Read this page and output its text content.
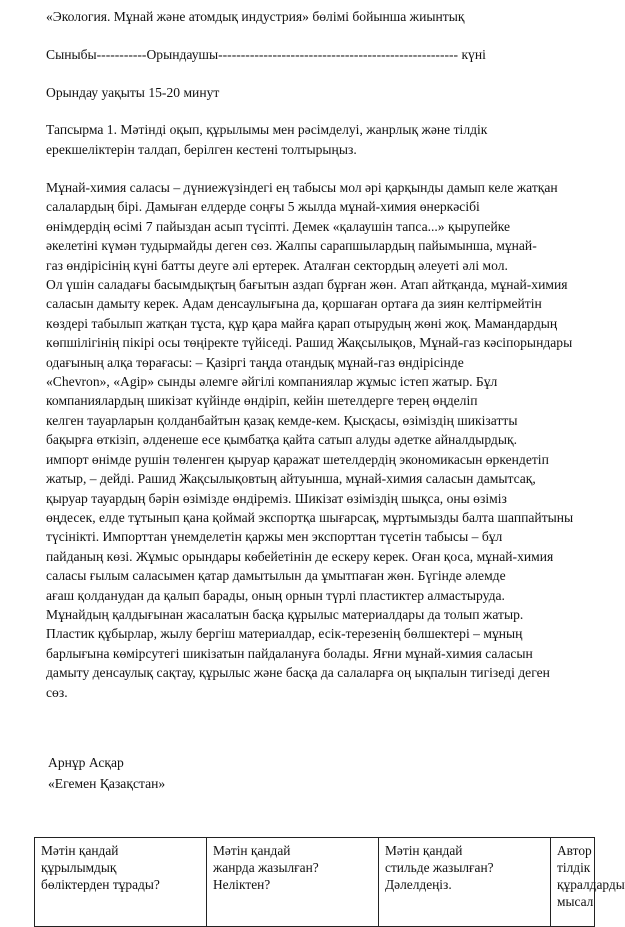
«Экология. Мұнай және атомдық индустрия» бөлімі бойынша жиынтық
Сыныбы-----------Орындаушы----------------------------------------------------- күні
Орындау уақыты 15-20 минут
Тапсырма 1. Мәтінді оқып, құрылымы мен рәсімделуі, жанрлық және тілдік
ерекшеліктерін талдап, берілген кестені толтырыңыз.
Мұнай-химия саласы – дүниежүзіндегі ең табысы мол әрі қарқынды дамып келе жатқан
салалардың бірі. Дамыған елдерде соңғы 5 жылда мұнай-химия өнеркәсібі
өнімдердің өсімі 7 пайыздан асып түсіпті. Демек «қалаушін тапса...» қырупейке
әкелетіні күмән тудырмайды деген сөз. Жалпы сарапшылардың пайымынша, мұнай-
газ өндірісінің күні батты деуге әлі ертерек. Аталған сектордың әлеуеті әлі мол.
Ол үшін саладағы басымдықтың бағытын аздап бұрған жөн. Атап айтқанда, мұнай-химия
саласын дамыту керек. Адам денсаулығына да, қоршаған ортаға да зиян келтірмейтін
көздері табылып жатқан тұста, құр қара майға қарап отырудың жөні жоқ. Мамандардың
көпшілігінің пікірі осы төңіректе түйіседі. Рашид Жақсылықов, Мұнай-газ кәсіпорындары
одағының алқа төрағасы: – Қазіргі таңда отандық мұнай-газ өндірісінде
«Chevron», «Agip» сынды әлемге әйгілі компаниялар жұмыс істеп жатыр. Бұл
компаниялардың шикізат күйінде өндіріп, кейін шетелдерге терең өңделіп
келген тауарларын қолданбайтын қазақ кемде-кем. Қысқасы, өзіміздің шикізатты
бақырға өткізіп, әлденеше есе қымбатқа қайта сатып алуды әдетке айналдырдық.
импорт өнімде рушін төленген қыруар қаражат шетелдердің экономикасын өркендетіп
жатыр, – дейді. Рашид Жақсылықовтың айтуынша, мұнай-химия саласын дамытсақ,
қыруар тауардың бәрін өзімізде өндіреміз. Шикізат өзіміздің шықса, оны өзіміз
өңдесек, елде тұтынып қана қоймай экспортқа шығарсақ, мұртымызды балта шаппайтыны
түсінікті. Импорттан үнемделетін қаржы мен экспорттан түсетін табысы – бұл
пайданың көзі. Жұмыс орындары көбейетінін де ескеру керек. Оған қоса, мұнай-химия
саласы ғылым саласымен қатар дамытылын да ұмытпаған жөн. Бүгінде әлемде
ағаш қолданудан да қалып барады, оның орнын түрлі пластиктер алмастыруда.
Мұнайдың қалдығынан жасалатын басқа құрылыс материалдары да толып жатыр.
Пластик құбырлар, жылу бергіш материалдар, есік-терезенің бөлшектері – мұның
барлығына көмірсутегі шикізатын пайдалануға болады. Яғни мұнай-химия саласын
дамыту денсаулық сақтау, құрылыс және басқа да салаларға оң ықпалын тигізеді деген
сөз.
Арнұр Асқар
«Егемен Қазақстан»
Мәтін қандай
құрылымдық
бөліктерден тұрады?

Мәтін қандай
жанрда жазылған?
Неліктен?

Мәтін қандай
стильде жазылған?
Дәлелдеңіз.

Автор
тілдік
құралдарды
мысал
